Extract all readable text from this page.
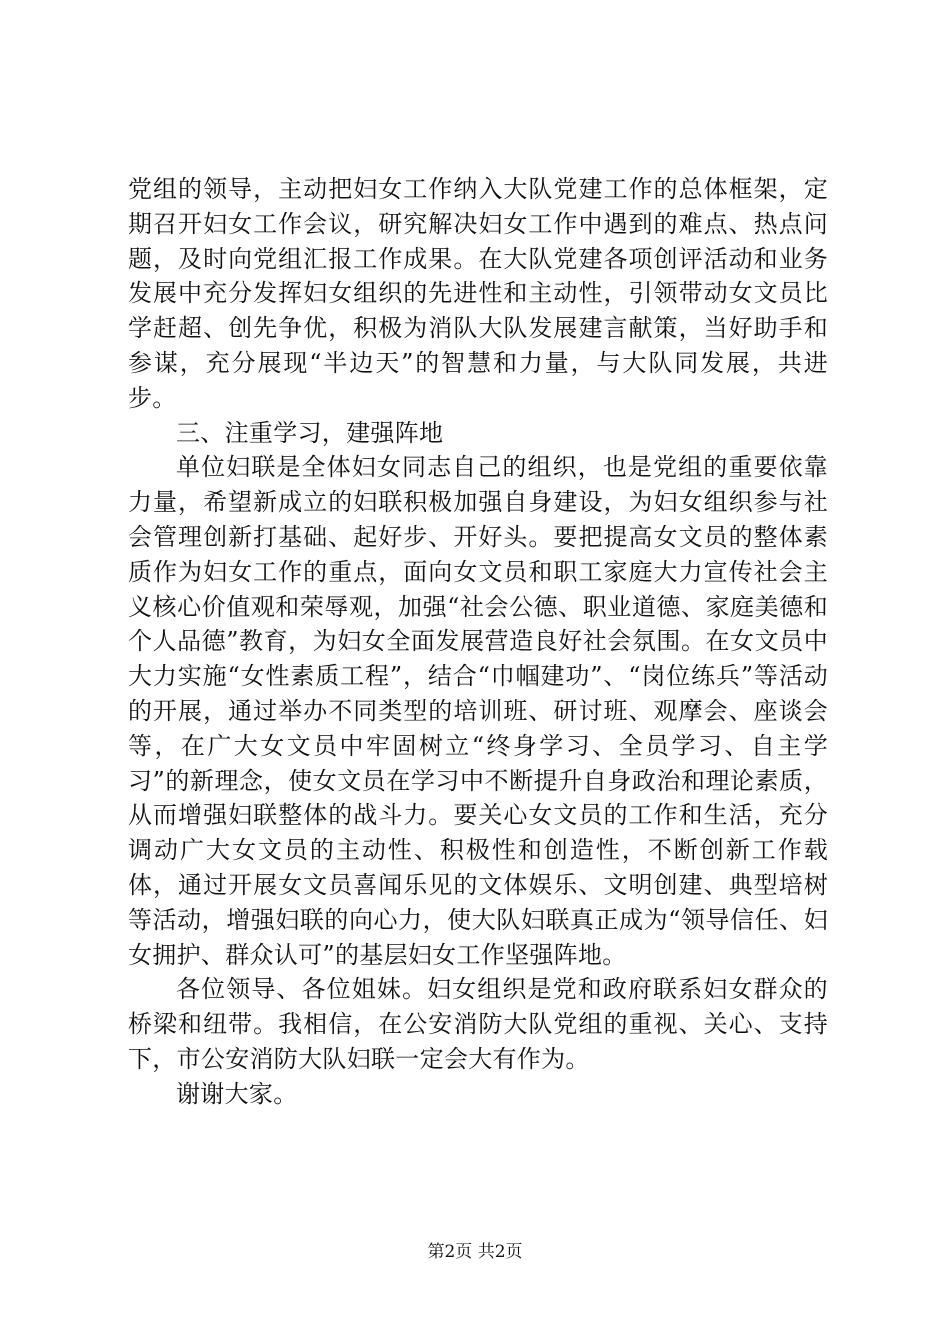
党组的领导，主动把妇女工作纳入大队党建工作的总体框架，定期召开妇女工作会议，研究解决妇女工作中遇到的难点、热点问题，及时向党组汇报工作成果。在大队党建各项创评活动和业务发展中充分发挥妇女组织的先进性和主动性，引领带动女文员比学赶超、创先争优，积极为消队大队发展建言献策，当好助手和参谋，充分展现“半边天”的智慧和力量，与大队同发展，共进步。

三、注重学习，建强阵地

单位妇联是全体妇女同志自己的组织，也是党组的重要依靠力量，希望新成立的妇联积极加强自身建设，为妇女组织参与社会管理创新打基础、起好步、开好头。要把提高女文员的整体素质作为妇女工作的重点，面向女文员和职工家庭大力宣传社会主义核心价值观和荣辱观，加强“社会公德、职业道德、家庭美德和个人品德”教育，为妇女全面发展营造良好社会氛围。在女文员中大力实施“女性素质工程”，结合“巾帼建功”、“岗位练兵”等活动的开展，通过举办不同类型的培训班、研讨班、观摩会、座谈会等，在广大女文员中牢固树立“终身学习、全员学习、自主学习”的新理念，使女文员在学习中不断提升自身政治和理论素质，从而增强妇联整体的战斗力。要关心女文员的工作和生活，充分调动广大女文员的主动性、积极性和创造性，不断创新工作载体，通过开展女文员喜闻乐见的文体娱乐、文明创建、典型培树等活动，增强妇联的向心力，使大队妇联真正成为“领导信任、妇女拥护、群众认可”的基层妇女工作坚强阵地。

各位领导、各位姐妹。妇女组织是党和政府联系妇女群众的桥梁和纽带。我相信，在公安消防大队党组的重视、关心、支持下，市公安消防大队妇联一定会大有作为。

谢谢大家。

第2页 共2页
